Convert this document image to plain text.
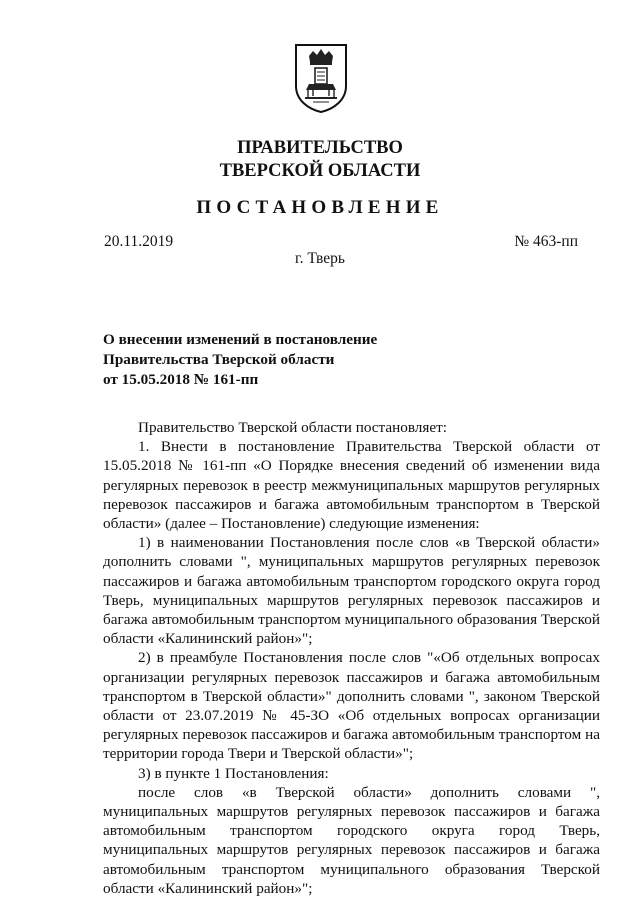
ПРАВИТЕЛЬСТВО
ТВЕРСКОЙ ОБЛАСТИ
ПОСТАНОВЛЕНИЕ
20.11.2019	№ 463-пп
г. Тверь
О внесении изменений в постановление
Правительства Тверской области
от 15.05.2018 № 161-пп

Правительство Тверской области постановляет:

1. Внести в постановление Правительства Тверской области от 15.05.2018 № 161-пп «О Порядке внесения сведений об изменении вида регулярных перевозок в реестр межмуниципальных маршрутов регулярных перевозок пассажиров и багажа автомобильным транспортом в Тверской области» (далее – Постановление) следующие изменения:

1) в наименовании Постановления после слов «в Тверской области» дополнить словами ", муниципальных маршрутов регулярных перевозок пассажиров и багажа автомобильным транспортом городского округа город Тверь, муниципальных маршрутов регулярных перевозок пассажиров и багажа автомобильным транспортом муниципального образования Тверской области «Калининский район»";

2) в преамбуле Постановления после слов "«Об отдельных вопросах организации регулярных перевозок пассажиров и багажа автомобильным транспортом в Тверской области»" дополнить словами ", законом Тверской области от 23.07.2019 № 45-ЗО «Об отдельных вопросах организации регулярных перевозок пассажиров и багажа автомобильным транспортом на территории города Твери и Тверской области»";

3) в пункте 1 Постановления:

после слов «в Тверской области» дополнить словами ", муниципальных маршрутов регулярных перевозок пассажиров и багажа автомобильным транспортом городского округа город Тверь, муниципальных маршрутов регулярных перевозок пассажиров и багажа автомобильным транспортом муниципального образования Тверской области «Калининский район»";
